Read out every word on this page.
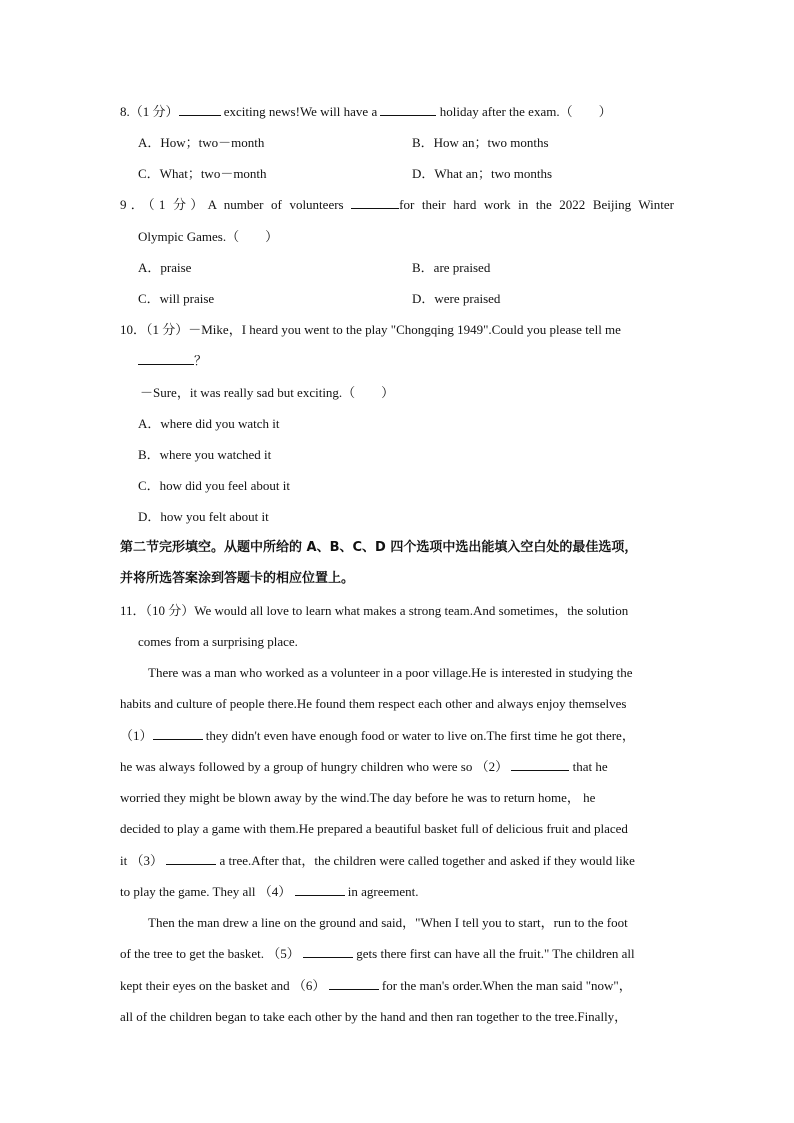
8.（1 分）	exciting news!We will have a	holiday after the exam.（　　）
A．How；two－month	B．How an；two months
C．What；two－month	D．What an；two months
9．（1 分）A number of volunteers	for their hard work in the 2022 Beijing Winter
Olympic Games.（　　）
A．praise	B．are praised
C．will praise	D．were praised
10．（1 分）－Mike，I heard you went to the play "Chongqing 1949".Could you please tell me
？
－Sure，it was really sad but exciting.（　　）
A．where did you watch it
B．where you watched it
C．how did you feel about it
D．how you felt about it
第二节完形填空。从题中所给的 A、B、C、D 四个选项中选出能填入空白处的最佳选项，
并将所选答案涂到答题卡的相应位置上。
11．（10 分）We would all love to learn what makes a strong team.And sometimes，the solution
comes from a surprising place.
There was a man who worked as a volunteer in a poor village.He is interested in studying the
habits and culture of people there.He found them respect each other and always enjoy themselves
（1）	they didn't even have enough food or water to live on.The first time he got there，
he was always followed by a group of hungry children who were so （2）	that he
worried they might be blown away by the wind.The day before he was to return home， he
decided to play a game with them.He prepared a beautiful basket full of delicious fruit and placed
it （3）	a tree.After that，the children were called together and asked if they would like
to play the game. They all （4）	in agreement.
Then the man drew a line on the ground and said，"When I tell you to start，run to the foot
of the tree to get the basket. （5）	gets there first can have all the fruit." The children all
kept their eyes on the basket and （6）	for the man's order.When the man said "now"，
all of the children began to take each other by the hand and then ran together to the tree.Finally，
